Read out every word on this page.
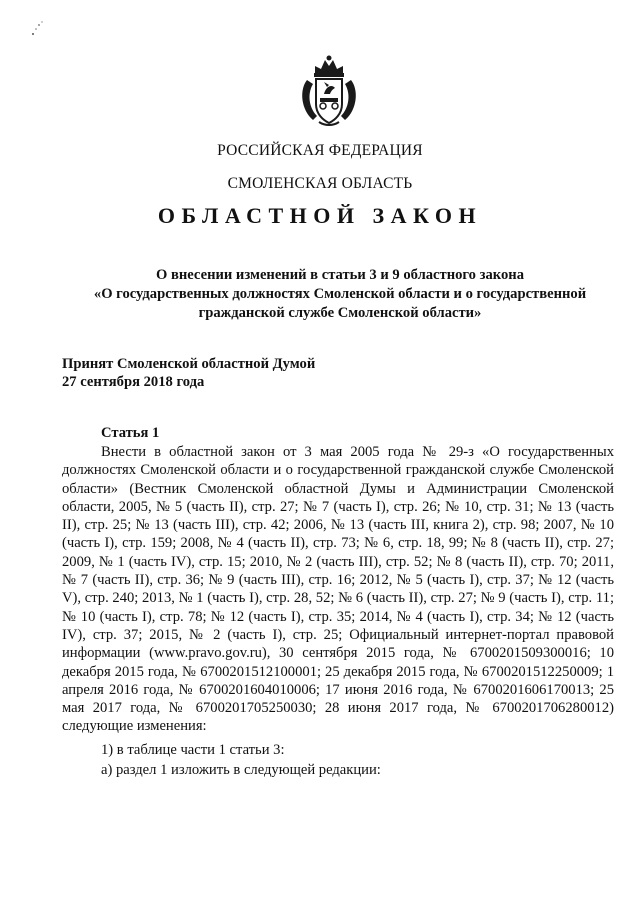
РОССИЙСКАЯ ФЕДЕРАЦИЯ
СМОЛЕНСКАЯ ОБЛАСТЬ
ОБЛАСТНОЙ ЗАКОН
О внесении изменений в статьи 3 и 9 областного закона
«О государственных должностях Смоленской области и о государственной
гражданской службе Смоленской области»
Принят Смоленской областной Думой
27 сентября 2018 года
Статья 1

Внести в областной закон от 3 мая 2005 года № 29-з «О государственных должностях Смоленской области и о государственной гражданской службе Смоленской области» (Вестник Смоленской областной Думы и Администрации Смоленской области, 2005, № 5 (часть II), стр. 27; № 7 (часть I), стр. 26; № 10, стр. 31; № 13 (часть II), стр. 25; № 13 (часть III), стр. 42; 2006, № 13 (часть III, книга 2), стр. 98; 2007, № 10 (часть I), стр. 159; 2008, № 4 (часть II), стр. 73; № 6, стр. 18, 99; № 8 (часть II), стр. 27; 2009, № 1 (часть IV), стр. 15; 2010, № 2 (часть III), стр. 52; № 8 (часть II), стр. 70; 2011, № 7 (часть II), стр. 36; № 9 (часть III), стр. 16; 2012, № 5 (часть I), стр. 37; № 12 (часть V), стр. 240; 2013, № 1 (часть I), стр. 28, 52; № 6 (часть II), стр. 27; № 9 (часть I), стр. 11; № 10 (часть I), стр. 78; № 12 (часть I), стр. 35; 2014, № 4 (часть I), стр. 34; № 12 (часть IV), стр. 37; 2015, № 2 (часть I), стр. 25; Официальный интернет-портал правовой информации (www.pravo.gov.ru), 30 сентября 2015 года, № 6700201509300016; 10 декабря 2015 года, № 6700201512100001; 25 декабря 2015 года, № 6700201512250009; 1 апреля 2016 года, № 6700201604010006; 17 июня 2016 года, № 6700201606170013; 25 мая 2017 года, № 6700201705250030; 28 июня 2017 года, № 6700201706280012) следующие изменения:

1) в таблице части 1 статьи 3:
а) раздел 1 изложить в следующей редакции:
